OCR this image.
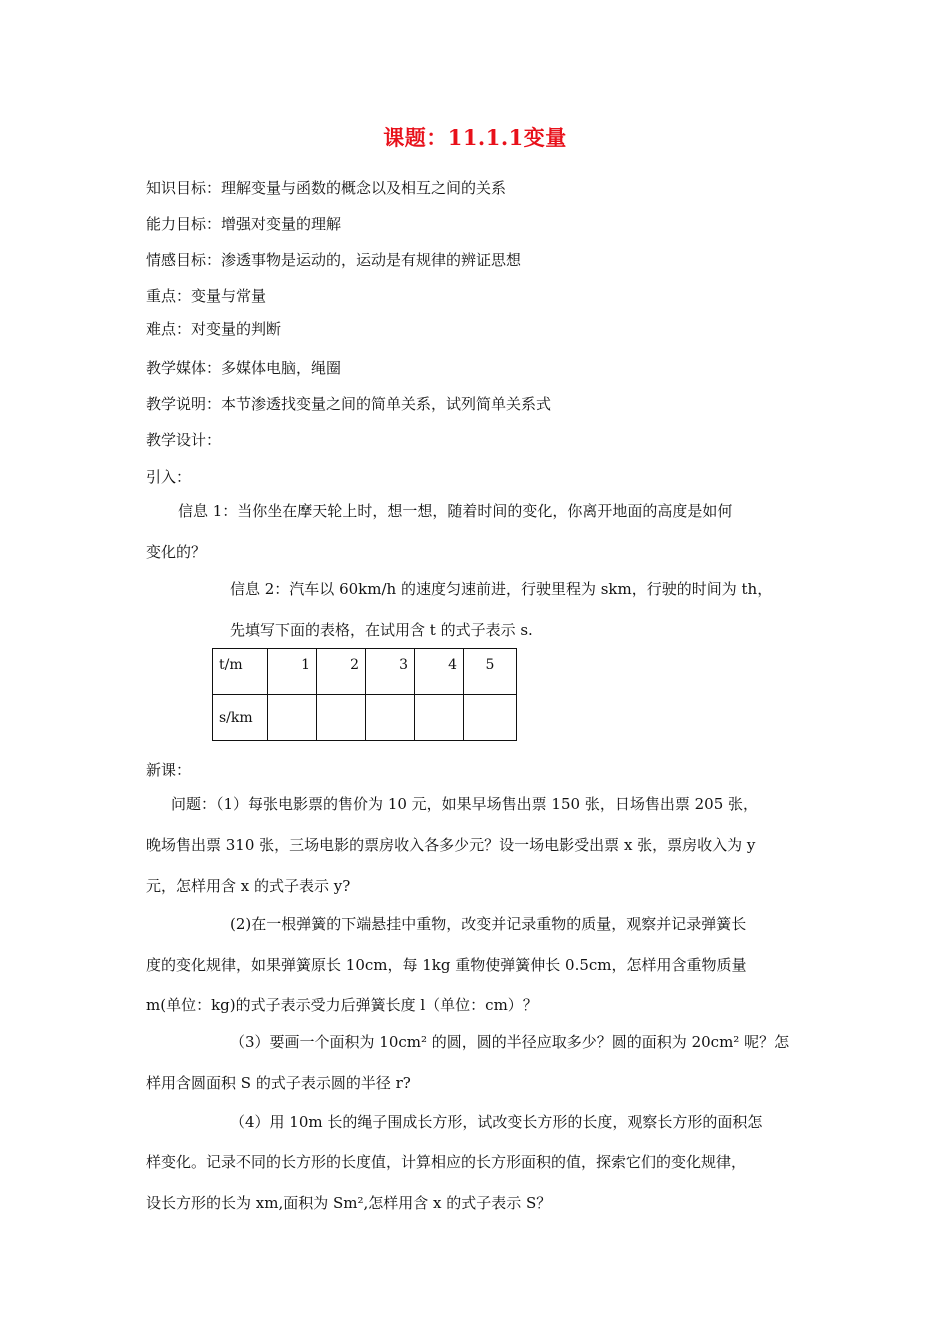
课题：11.1.1变量
知识目标：理解变量与函数的概念以及相互之间的关系
能力目标：增强对变量的理解
情感目标：渗透事物是运动的，运动是有规律的辨证思想
重点：变量与常量
难点：对变量的判断
教学媒体：多媒体电脑，绳圈
教学说明：本节渗透找变量之间的简单关系，试列简单关系式
教学设计：
引入：
信息 1：当你坐在摩天轮上时，想一想，随着时间的变化，你离开地面的高度是如何
变化的？
信息 2：汽车以 60km/h 的速度匀速前进，行驶里程为 skm，行驶的时间为 th，
先填写下面的表格，在试用含 t 的式子表示 s.
t/m	1	2	3	4	5
s/km					
新课：
问题：（1）每张电影票的售价为 10 元，如果早场售出票 150 张，日场售出票 205 张，
晚场售出票 310 张，三场电影的票房收入各多少元？设一场电影受出票 x 张，票房收入为 y
元，怎样用含 x 的式子表示 y?
(2)在一根弹簧的下端悬挂中重物，改变并记录重物的质量，观察并记录弹簧长
度的变化规律，如果弹簧原长 10cm，每 1kg 重物使弹簧伸长 0.5cm，怎样用含重物质量
m(单位：kg)的式子表示受力后弹簧长度 l（单位：cm）？
（3）要画一个面积为 10cm² 的圆，圆的半径应取多少？圆的面积为 20cm² 呢？怎
样用含圆面积 S 的式子表示圆的半径 r?
（4）用 10m 长的绳子围成长方形，试改变长方形的长度，观察长方形的面积怎
样变化。记录不同的长方形的长度值，计算相应的长方形面积的值，探索它们的变化规律，
设长方形的长为 xm,面积为 Sm²,怎样用含 x 的式子表示 S？
